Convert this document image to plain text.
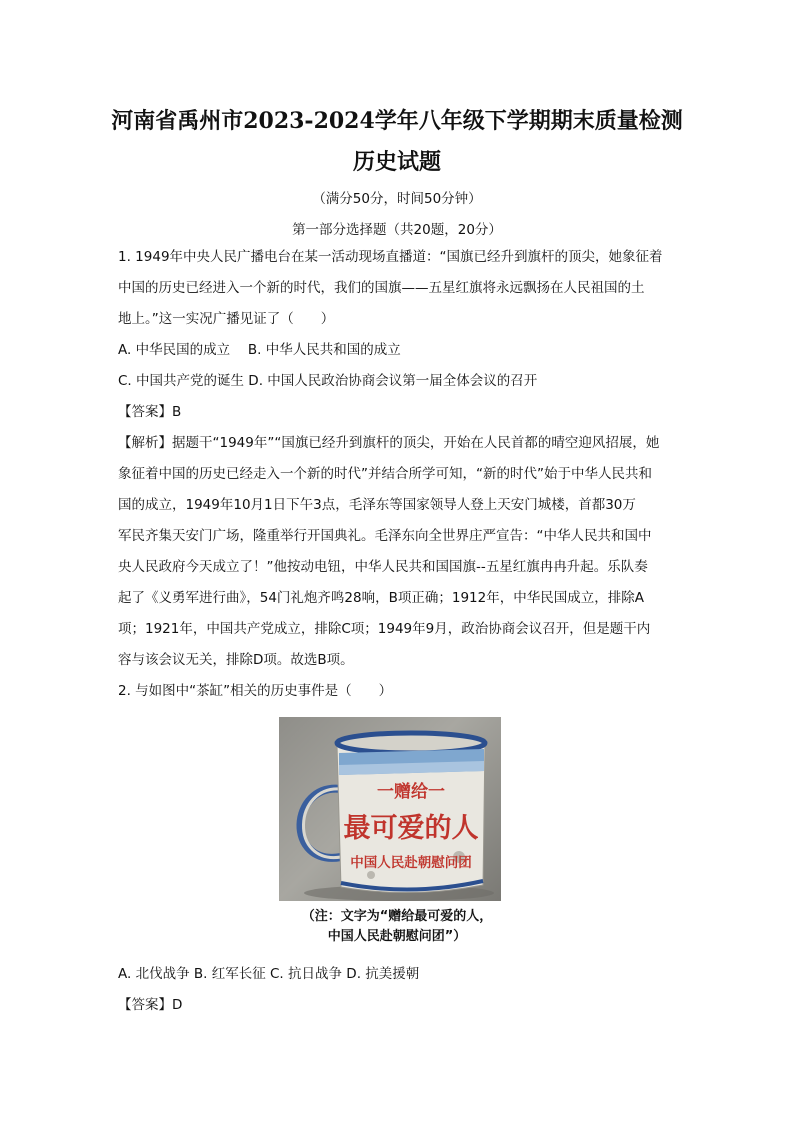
河南省禹州市2023-2024学年八年级下学期期末质量检测
历史试题
（满分50分，时间50分钟）
第一部分选择题（共20题，20分）
1. 1949年中央人民广播电台在某一活动现场直播道：“国旗已经升到旗杆的顶尖，她象征着
中国的历史已经进入一个新的时代，我们的国旗——五星红旗将永远飘扬在人民祖国的土
地上。”这一实况广播见证了（　　）
A. 中华民国的成立　 B. 中华人民共和国的成立
C. 中国共产党的诞生 D. 中国人民政治协商会议第一届全体会议的召开
【答案】B
【解析】据题干“1949年”“国旗已经升到旗杆的顶尖，开始在人民首都的晴空迎风招展，她
象征着中国的历史已经走入一个新的时代”并结合所学可知，“新的时代”始于中华人民共和
国的成立，1949年10月1日下午3点，毛泽东等国家领导人登上天安门城楼，首都30万
军民齐集天安门广场，隆重举行开国典礼。毛泽东向全世界庄严宣告：“中华人民共和国中
央人民政府今天成立了！”他按动电钮，中华人民共和国国旗--五星红旗冉冉升起。乐队奏
起了《义勇军进行曲》，54门礼炮齐鸣28响，B项正确；1912年，中华民国成立，排除A
项；1921年，中国共产党成立，排除C项；1949年9月，政治协商会议召开，但是题干内
容与该会议无关，排除D项。故选B项。
2. 与如图中“茶缸”相关的历史事件是（　　）
一赠给一
最可爱的人
中国人民赴朝慰问团
（注：文字为“赠给最可爱的人，
中国人民赴朝慰问团”）
A. 北伐战争 B. 红军长征 C. 抗日战争 D. 抗美援朝
【答案】D
